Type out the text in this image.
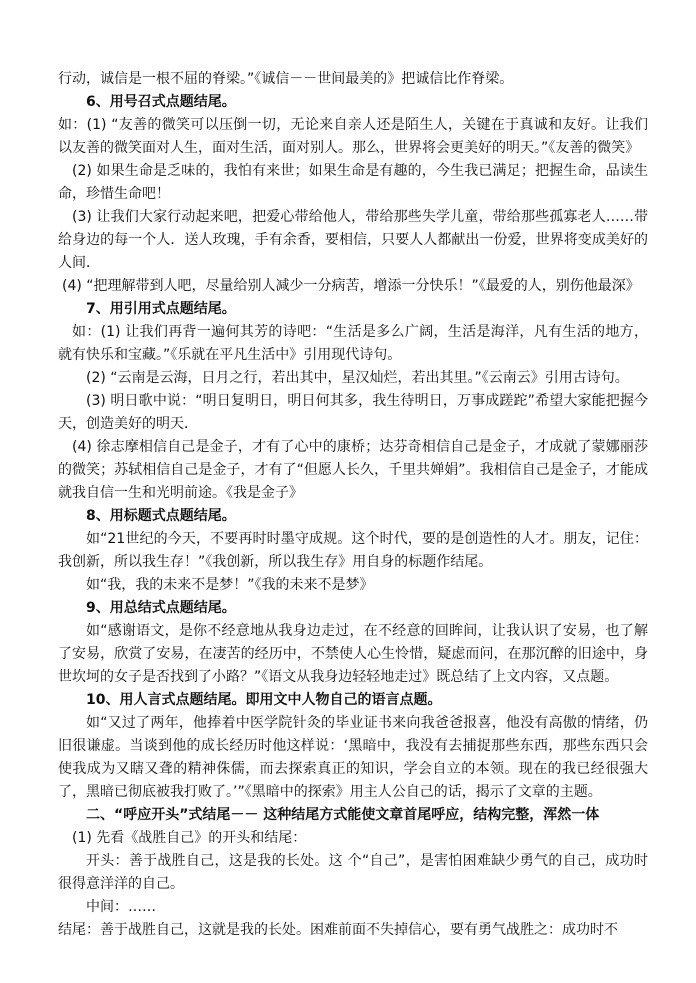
行动，诚信是一根不屈的脊梁。”《诚信－－世间最美的》把诚信比作脊梁。

6、用号召式点题结尾。

如：(1) “友善的微笑可以压倒一切，无论来自亲人还是陌生人，关键在于真诚和友好。让我们以友善的微笑面对人生，面对生活，面对别人。那么，世界将会更美好的明天。”《友善的微笑》

(2) 如果生命是乏味的，我怕有来世；如果生命是有趣的，今生我已满足；把握生命，品读生命，珍惜生命吧！

(3) 让我们大家行动起来吧，把爱心带给他人，带给那些失学儿童，带给那些孤寡老人……带给身边的每一个人．送人玫瑰，手有余香，要相信，只要人人都献出一份爱，世界将变成美好的人间．

(4) “把理解带到人吧，尽量给别人减少一分病苦，增添一分快乐！”《最爱的人，别伤他最深》

7、用引用式点题结尾。

如：(1) 让我们再背一遍何其芳的诗吧：“生活是多么广阔，生活是海洋，凡有生活的地方，就有快乐和宝藏。”《乐就在平凡生活中》引用现代诗句。

(2) “云南是云海，日月之行，若出其中，星汉灿烂，若出其里。”《云南云》引用古诗句。

(3) 明日歌中说：“明日复明日，明日何其多，我生待明日，万事成蹉跎”希望大家能把握今天，创造美好的明天．

(4) 徐志摩相信自己是金子，才有了心中的康桥；达芬奇相信自己是金子，才成就了蒙娜丽莎的微笑；苏轼相信自己是金子，才有了“但愿人长久，千里共婵娟”。我相信自己是金子，才能成就我自信一生和光明前途。《我是金子》

8、用标题式点题结尾。

如“21世纪的今天，不要再时时墨守成规。这个时代，要的是创造性的人才。朋友，记住：我创新，所以我生存！”《我创新，所以我生存》用自身的标题作结尾。

如“我，我的未来不是梦！”《我的未来不是梦》

9、用总结式点题结尾。

如“感谢语文，是你不经意地从我身边走过，在不经意的回眸间，让我认识了安易，也了解了安易，欣赏了安易，在凄苦的经历中，不禁使人心生怜惜，疑虑而问，在那沉醉的旧途中，身世坎坷的女子是否找到了小路？”《语文从我身边轻轻地走过》既总结了上文内容，又点题。

10、用人言式点题结尾。即用文中人物自己的语言点题。

如“又过了两年，他捧着中医学院针灸的毕业证书来向我爸爸报喜，他没有高傲的情绪，仍旧很谦虚。当谈到他的成长经历时他这样说：‘黑暗中，我没有去捕捉那些东西，那些东西只会使我成为又瞎又聋的精神侏儒，而去探索真正的知识，学会自立的本领。现在的我已经很强大了，黑暗已彻底被我打败了。’”《黑暗中的探索》用主人公自己的话，揭示了文章的主题。

二、“呼应开头”式结尾－－ 这种结尾方式能使文章首尾呼应，结构完整，浑然一体

(1) 先看《战胜自己》的开头和结尾：

开头：善于战胜自己，这是我的长处。这 个“自己”，是害怕困难缺少勇气的自己，成功时很得意洋洋的自己。

中间：……

结尾：善于战胜自己，这就是我的长处。困难前面不失掉信心，要有勇气战胜之：成功时不
